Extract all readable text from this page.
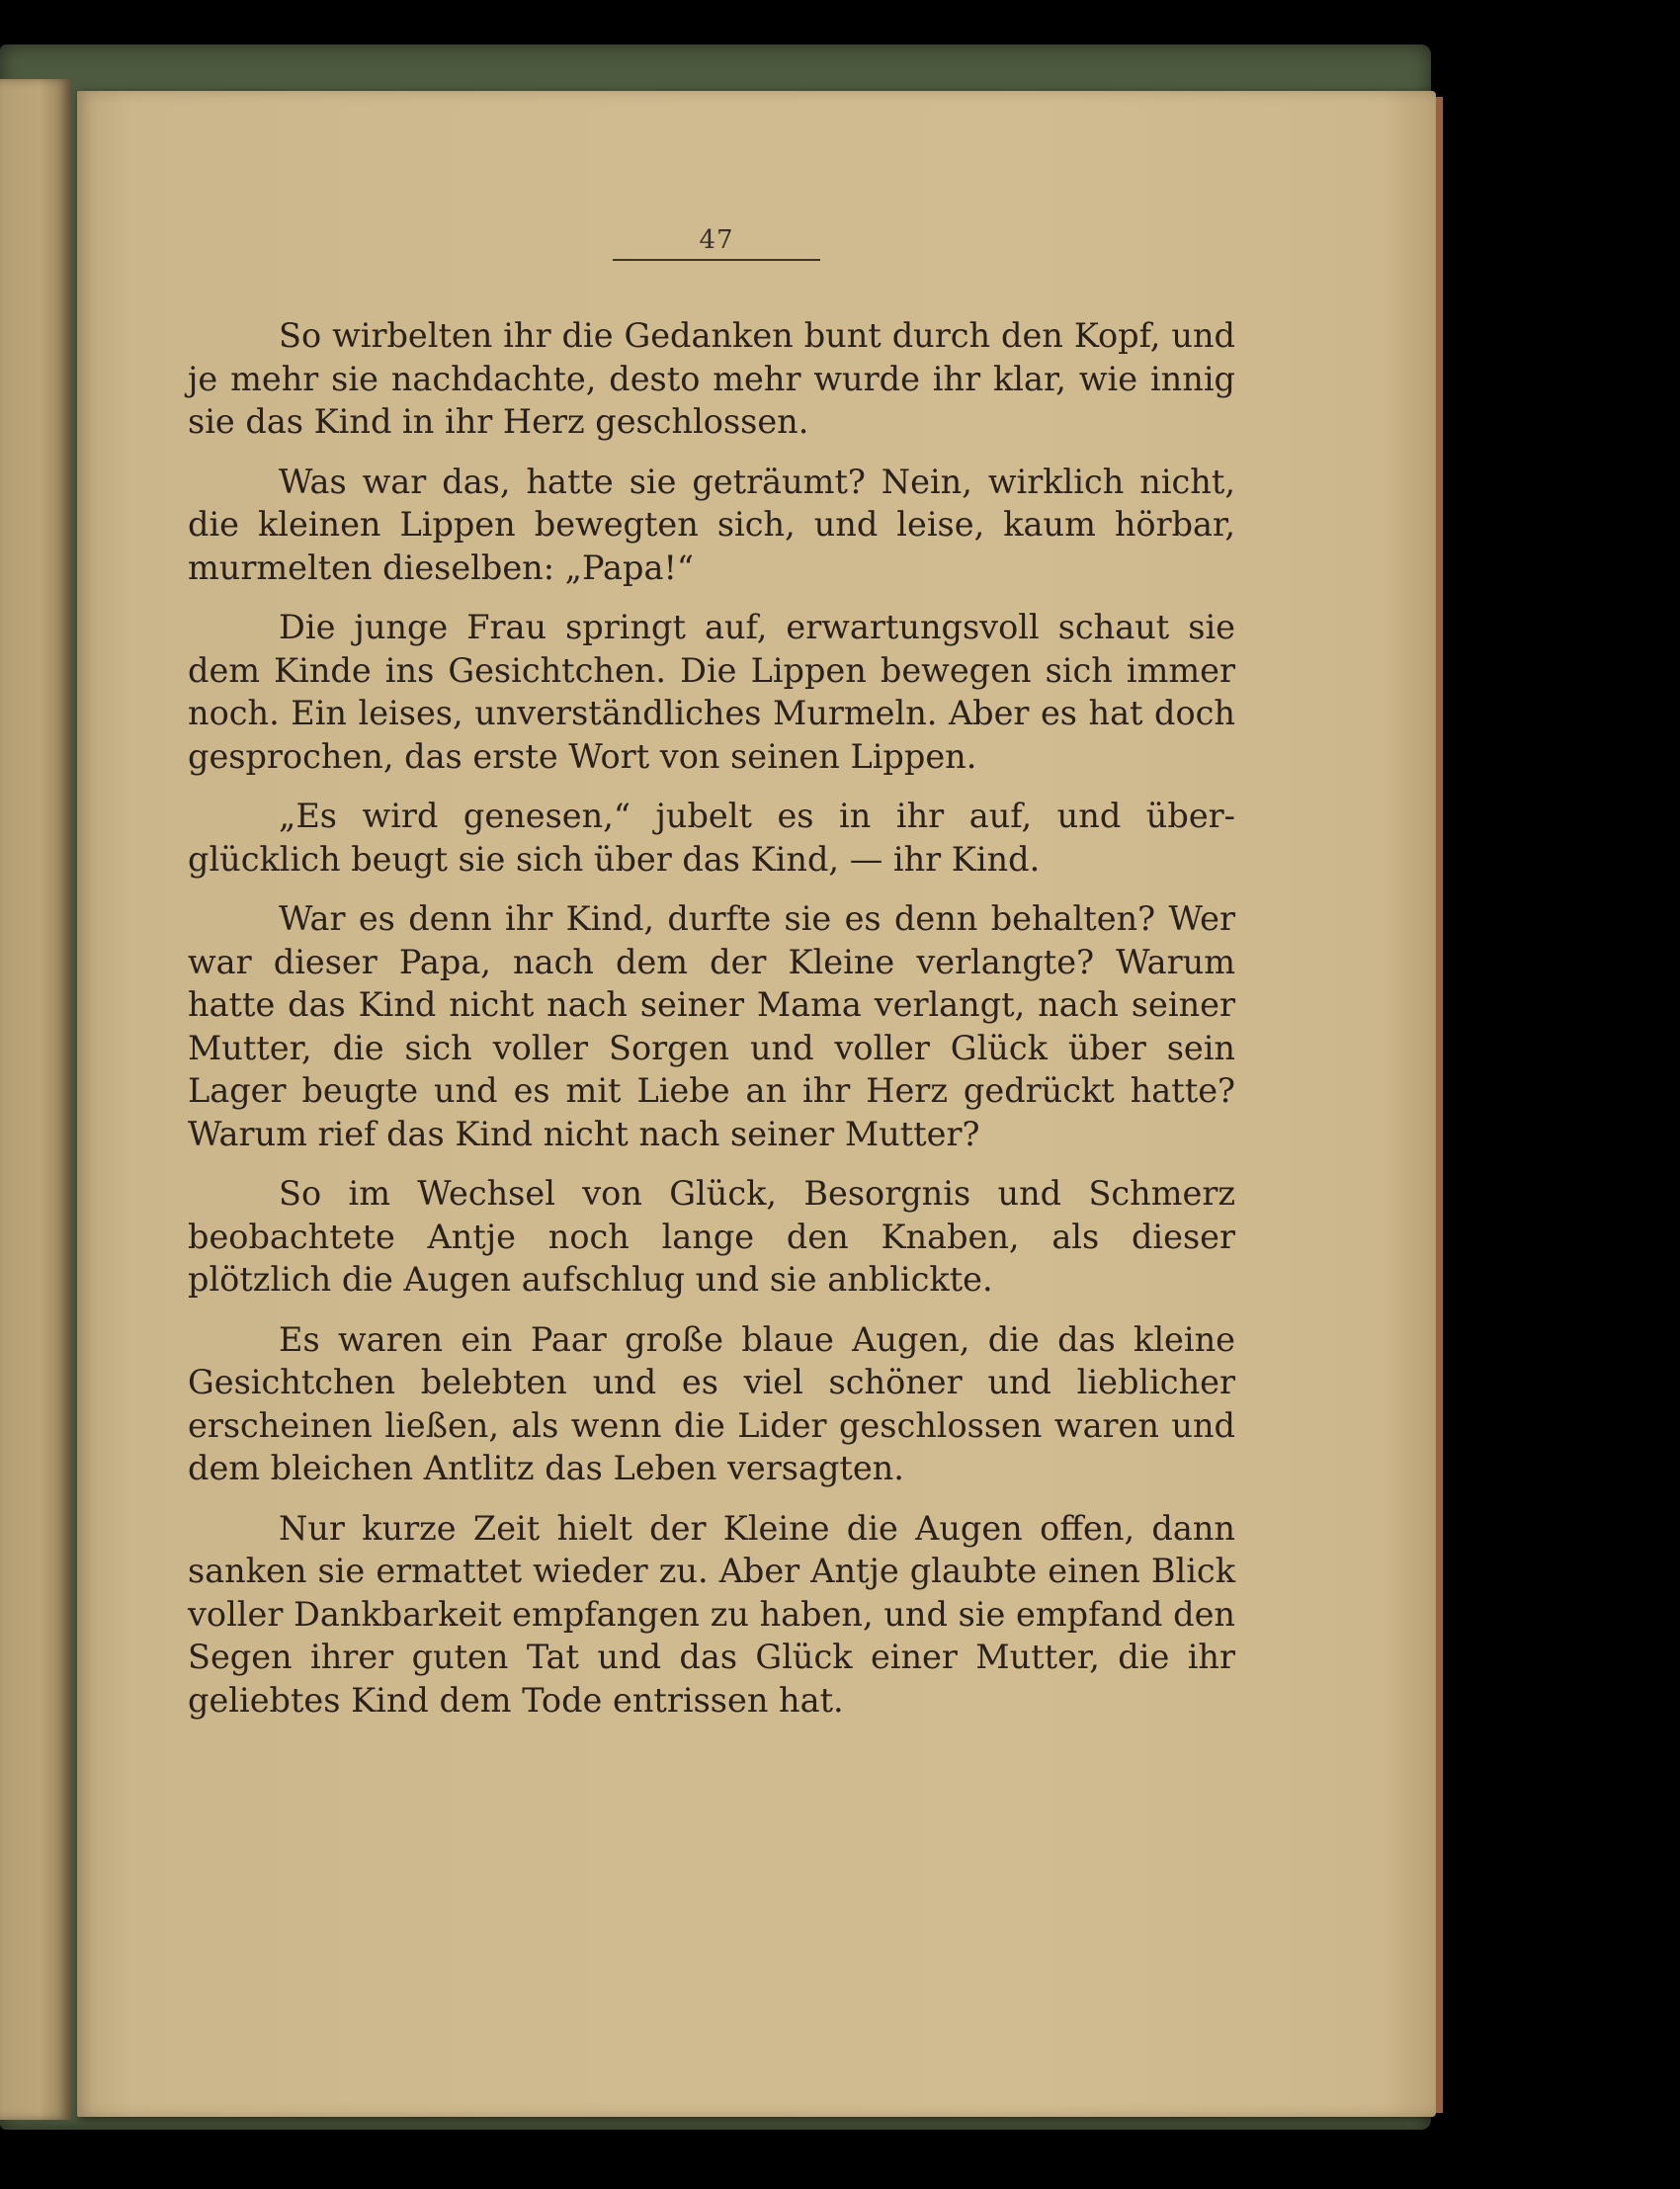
47

So wirbelten ihr die Gedanken bunt durch den Kopf, und je mehr sie nachdachte, desto mehr wurde ihr klar, wie innig sie das Kind in ihr Herz geschlossen.

Was war das, hatte sie geträumt? Nein, wirklich nicht, die kleinen Lippen bewegten sich, und leise, kaum hörbar, murmelten dieselben: „Papa!“

Die junge Frau springt auf, erwartungsvoll schaut sie dem Kinde ins Gesichtchen. Die Lippen bewegen sich immer noch. Ein leises, unverständliches Murmeln. Aber es hat doch gesprochen, das erste Wort von seinen Lippen.

„Es wird genesen,“ jubelt es in ihr auf, und überglücklich beugt sie sich über das Kind, — ihr Kind.

War es denn ihr Kind, durfte sie es denn behalten? Wer war dieser Papa, nach dem der Kleine verlangte? Warum hatte das Kind nicht nach seiner Mama verlangt, nach seiner Mutter, die sich voller Sorgen und voller Glück über sein Lager beugte und es mit Liebe an ihr Herz gedrückt hatte? Warum rief das Kind nicht nach seiner Mutter?

So im Wechsel von Glück, Besorgnis und Schmerz beobachtete Antje noch lange den Knaben, als dieser plötzlich die Augen aufschlug und sie anblickte.

Es waren ein Paar große blaue Augen, die das kleine Gesichtchen belebten und es viel schöner und lieblicher erscheinen ließen, als wenn die Lider geschlossen waren und dem bleichen Antlitz das Leben versagten.

Nur kurze Zeit hielt der Kleine die Augen offen, dann sanken sie ermattet wieder zu. Aber Antje glaubte einen Blick voller Dankbarkeit empfangen zu haben, und sie empfand den Segen ihrer guten Tat und das Glück einer Mutter, die ihr geliebtes Kind dem Tode entrissen hat.
